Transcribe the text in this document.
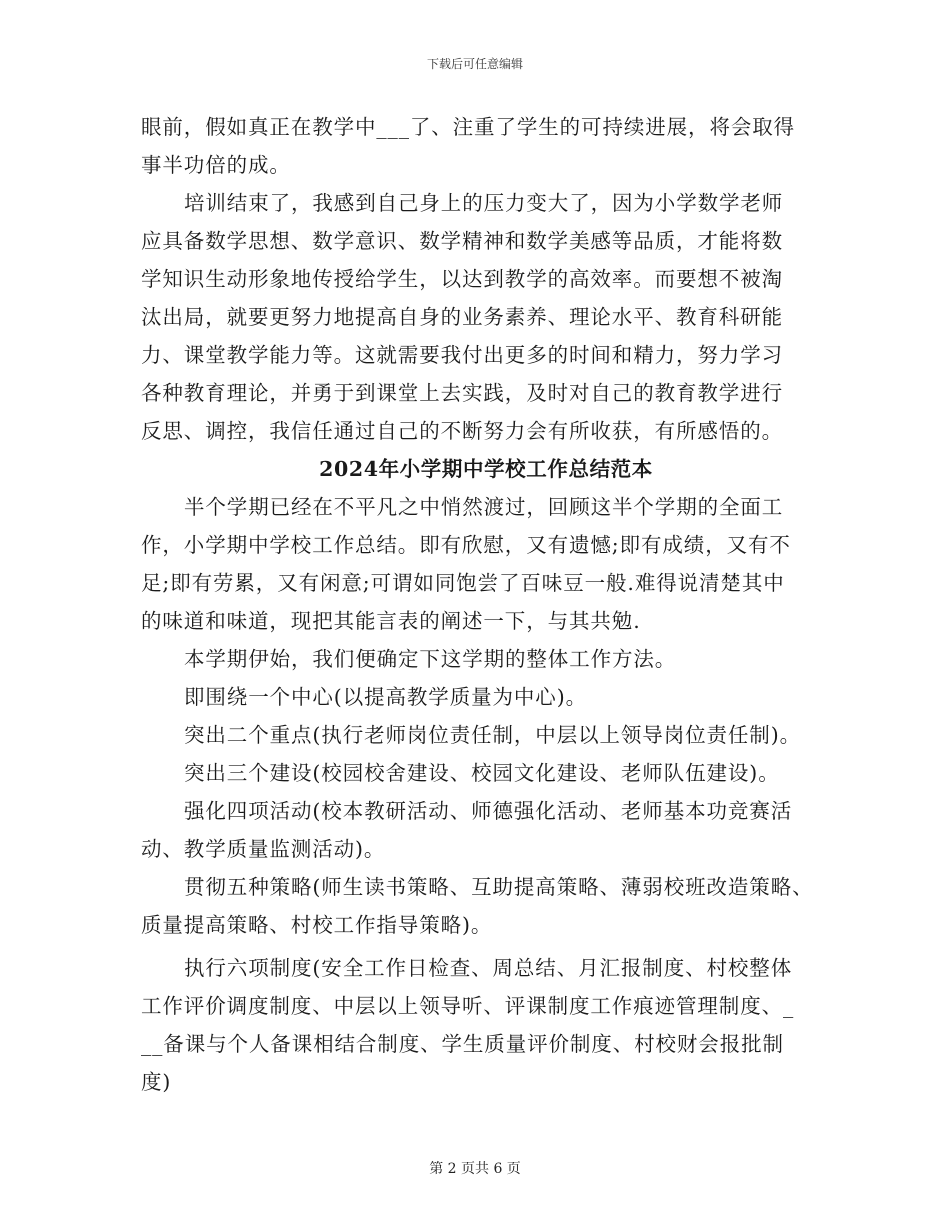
下载后可任意编辑
眼前，假如真正在教学中___了、注重了学生的可持续进展，将会取得
事半功倍的成。
培训结束了，我感到自己身上的压力变大了，因为小学数学老师
应具备数学思想、数学意识、数学精神和数学美感等品质，才能将数
学知识生动形象地传授给学生，以达到教学的高效率。而要想不被淘
汰出局，就要更努力地提高自身的业务素养、理论水平、教育科研能
力、课堂教学能力等。这就需要我付出更多的时间和精力，努力学习
各种教育理论，并勇于到课堂上去实践，及时对自己的教育教学进行
反思、调控，我信任通过自己的不断努力会有所收获，有所感悟的。
2024年小学期中学校工作总结范本
半个学期已经在不平凡之中悄然渡过，回顾这半个学期的全面工
作，小学期中学校工作总结。即有欣慰，又有遗憾;即有成绩，又有不
足;即有劳累，又有闲意;可谓如同饱尝了百味豆一般.难得说清楚其中
的味道和味道，现把其能言表的阐述一下，与其共勉.
本学期伊始，我们便确定下这学期的整体工作方法。
即围绕一个中心(以提高教学质量为中心)。
突出二个重点(执行老师岗位责任制，中层以上领导岗位责任制)。
突出三个建设(校园校舍建设、校园文化建设、老师队伍建设)。
强化四项活动(校本教研活动、师德强化活动、老师基本功竞赛活
动、教学质量监测活动)。
贯彻五种策略(师生读书策略、互助提高策略、薄弱校班改造策略、
质量提高策略、村校工作指导策略)。
执行六项制度(安全工作日检查、周总结、月汇报制度、村校整体
工作评价调度制度、中层以上领导听、评课制度工作痕迹管理制度、_
__备课与个人备课相结合制度、学生质量评价制度、村校财会报批制
度)
第 2 页共 6 页
